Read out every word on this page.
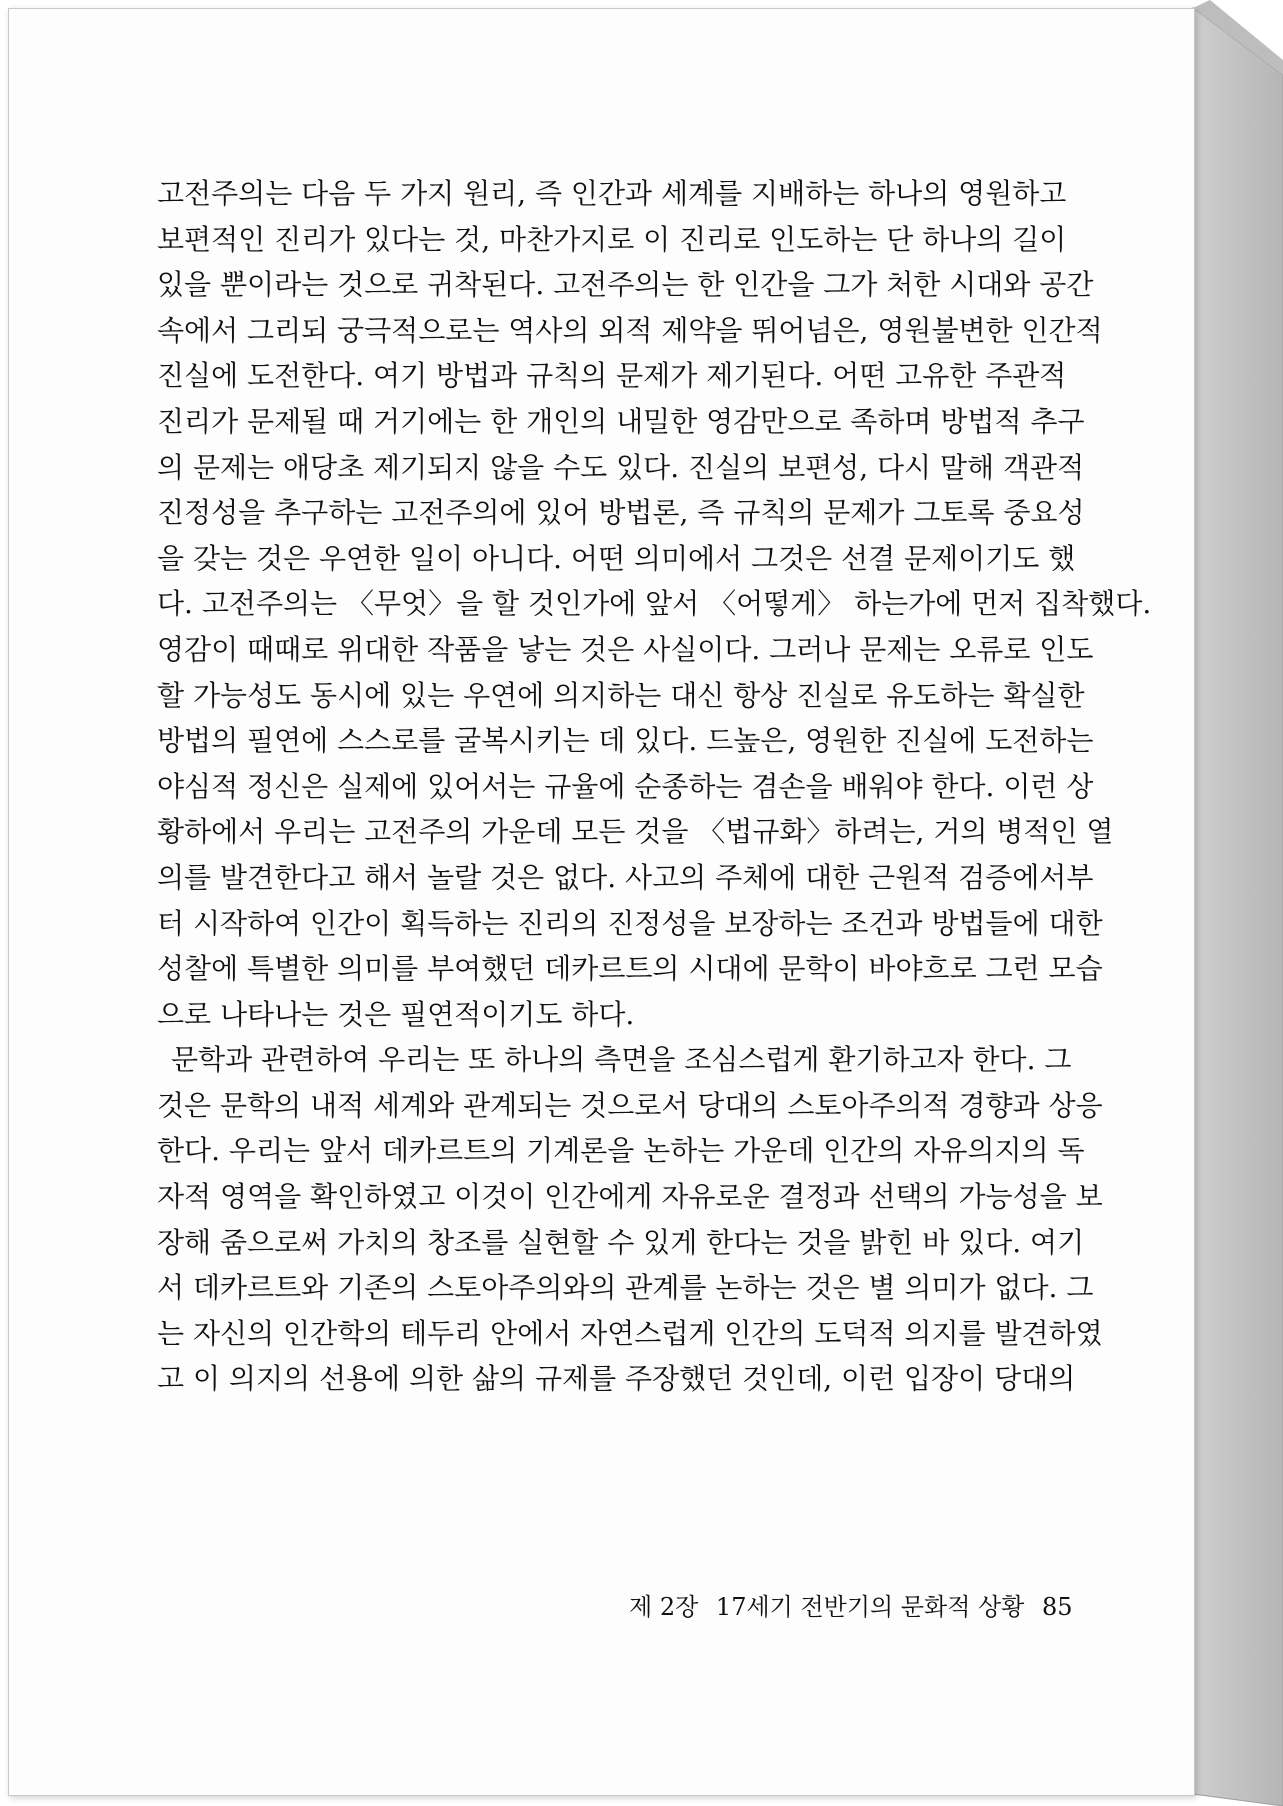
고전주의는 다음 두 가지 원리, 즉 인간과 세계를 지배하는 하나의 영원하고
보편적인 진리가 있다는 것, 마찬가지로 이 진리로 인도하는 단 하나의 길이
있을 뿐이라는 것으로 귀착된다. 고전주의는 한 인간을 그가 처한 시대와 공간
속에서 그리되 궁극적으로는 역사의 외적 제약을 뛰어넘은, 영원불변한 인간적
진실에 도전한다. 여기 방법과 규칙의 문제가 제기된다. 어떤 고유한 주관적
진리가 문제될 때 거기에는 한 개인의 내밀한 영감만으로 족하며 방법적 추구
의 문제는 애당초 제기되지 않을 수도 있다. 진실의 보편성, 다시 말해 객관적
진정성을 추구하는 고전주의에 있어 방법론, 즉 규칙의 문제가 그토록 중요성
을 갖는 것은 우연한 일이 아니다. 어떤 의미에서 그것은 선결 문제이기도 했
다. 고전주의는 〈무엇〉을 할 것인가에 앞서 〈어떻게〉 하는가에 먼저 집착했다.
영감이 때때로 위대한 작품을 낳는 것은 사실이다. 그러나 문제는 오류로 인도
할 가능성도 동시에 있는 우연에 의지하는 대신 항상 진실로 유도하는 확실한
방법의 필연에 스스로를 굴복시키는 데 있다. 드높은, 영원한 진실에 도전하는
야심적 정신은 실제에 있어서는 규율에 순종하는 겸손을 배워야 한다. 이런 상
황하에서 우리는 고전주의 가운데 모든 것을 〈법규화〉하려는, 거의 병적인 열
의를 발견한다고 해서 놀랄 것은 없다. 사고의 주체에 대한 근원적 검증에서부
터 시작하여 인간이 획득하는 진리의 진정성을 보장하는 조건과 방법들에 대한
성찰에 특별한 의미를 부여했던 데카르트의 시대에 문학이 바야흐로 그런 모습
으로 나타나는 것은 필연적이기도 하다.
문학과 관련하여 우리는 또 하나의 측면을 조심스럽게 환기하고자 한다. 그
것은 문학의 내적 세계와 관계되는 것으로서 당대의 스토아주의적 경향과 상응
한다. 우리는 앞서 데카르트의 기계론을 논하는 가운데 인간의 자유의지의 독
자적 영역을 확인하였고 이것이 인간에게 자유로운 결정과 선택의 가능성을 보
장해 줌으로써 가치의 창조를 실현할 수 있게 한다는 것을 밝힌 바 있다. 여기
서 데카르트와 기존의 스토아주의와의 관계를 논하는 것은 별 의미가 없다. 그
는 자신의 인간학의 테두리 안에서 자연스럽게 인간의 도덕적 의지를 발견하였
고 이 의지의 선용에 의한 삶의 규제를 주장했던 것인데, 이런 입장이 당대의
제 2장 17세기 전반기의 문화적 상황 85
